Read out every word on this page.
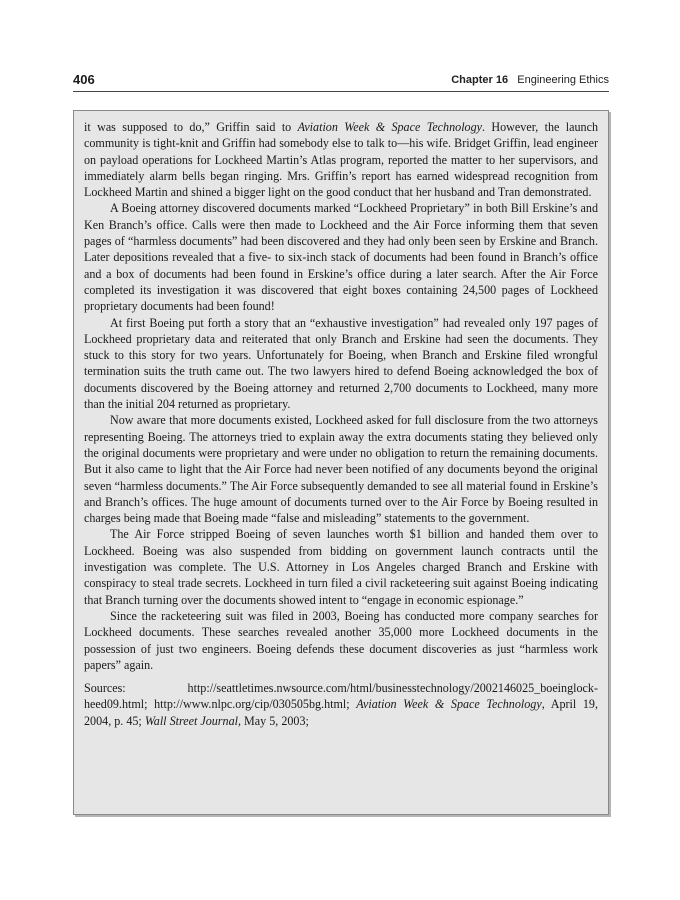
406	Chapter 16 Engineering Ethics

it was supposed to do,” Griffin said to Aviation Week & Space Technology. However, the launch community is tight-knit and Griffin had somebody else to talk to—his wife. Bridget Griffin, lead engineer on payload operations for Lockheed Martin’s Atlas program, reported the matter to her supervisors, and immediately alarm bells began ringing. Mrs. Griffin’s report has earned widespread recognition from Lockheed Martin and shined a bigger light on the good conduct that her husband and Tran demonstrated.

A Boeing attorney discovered documents marked “Lockheed Proprietary” in both Bill Erskine’s and Ken Branch’s office. Calls were then made to Lockheed and the Air Force informing them that seven pages of “harmless documents” had been discovered and they had only been seen by Erskine and Branch. Later depositions revealed that a five- to six-inch stack of documents had been found in Branch’s office and a box of documents had been found in Erskine’s office during a later search. After the Air Force completed its investigation it was discovered that eight boxes containing 24,500 pages of Lockheed proprietary documents had been found!

At first Boeing put forth a story that an “exhaustive investigation” had revealed only 197 pages of Lockheed proprietary data and reiterated that only Branch and Erskine had seen the documents. They stuck to this story for two years. Unfortunately for Boeing, when Branch and Erskine filed wrongful termination suits the truth came out. The two lawyers hired to defend Boeing acknowledged the box of documents discovered by the Boeing attorney and returned 2,700 documents to Lockheed, many more than the initial 204 returned as proprietary.

Now aware that more documents existed, Lockheed asked for full disclosure from the two attorneys representing Boeing. The attorneys tried to explain away the extra documents stating they believed only the original documents were proprietary and were under no obligation to return the remaining documents. But it also came to light that the Air Force had never been notified of any documents beyond the original seven “harmless documents.” The Air Force subsequently demanded to see all material found in Erskine’s and Branch’s offices. The huge amount of documents turned over to the Air Force by Boeing resulted in charges being made that Boeing made “false and misleading” statements to the government.

The Air Force stripped Boeing of seven launches worth $1 billion and handed them over to Lockheed. Boeing was also suspended from bidding on government launch contracts until the investigation was complete. The U.S. Attorney in Los Angeles charged Branch and Erskine with conspiracy to steal trade secrets. Lockheed in turn filed a civil racketeering suit against Boeing indicating that Branch turning over the documents showed intent to “engage in economic espionage.”

Since the racketeering suit was filed in 2003, Boeing has conducted more company searches for Lockheed documents. These searches revealed another 35,000 more Lockheed documents in the possession of just two engineers. Boeing defends these document discoveries as just “harmless work papers” again.

Sources: http://seattletimes.nwsource.com/html/businesstechnology/2002146025_boeinglockheed09.html; http://www.nlpc.org/cip/030505bg.html; Aviation Week & Space Technology, April 19, 2004, p. 45; Wall Street Journal, May 5, 2003;
